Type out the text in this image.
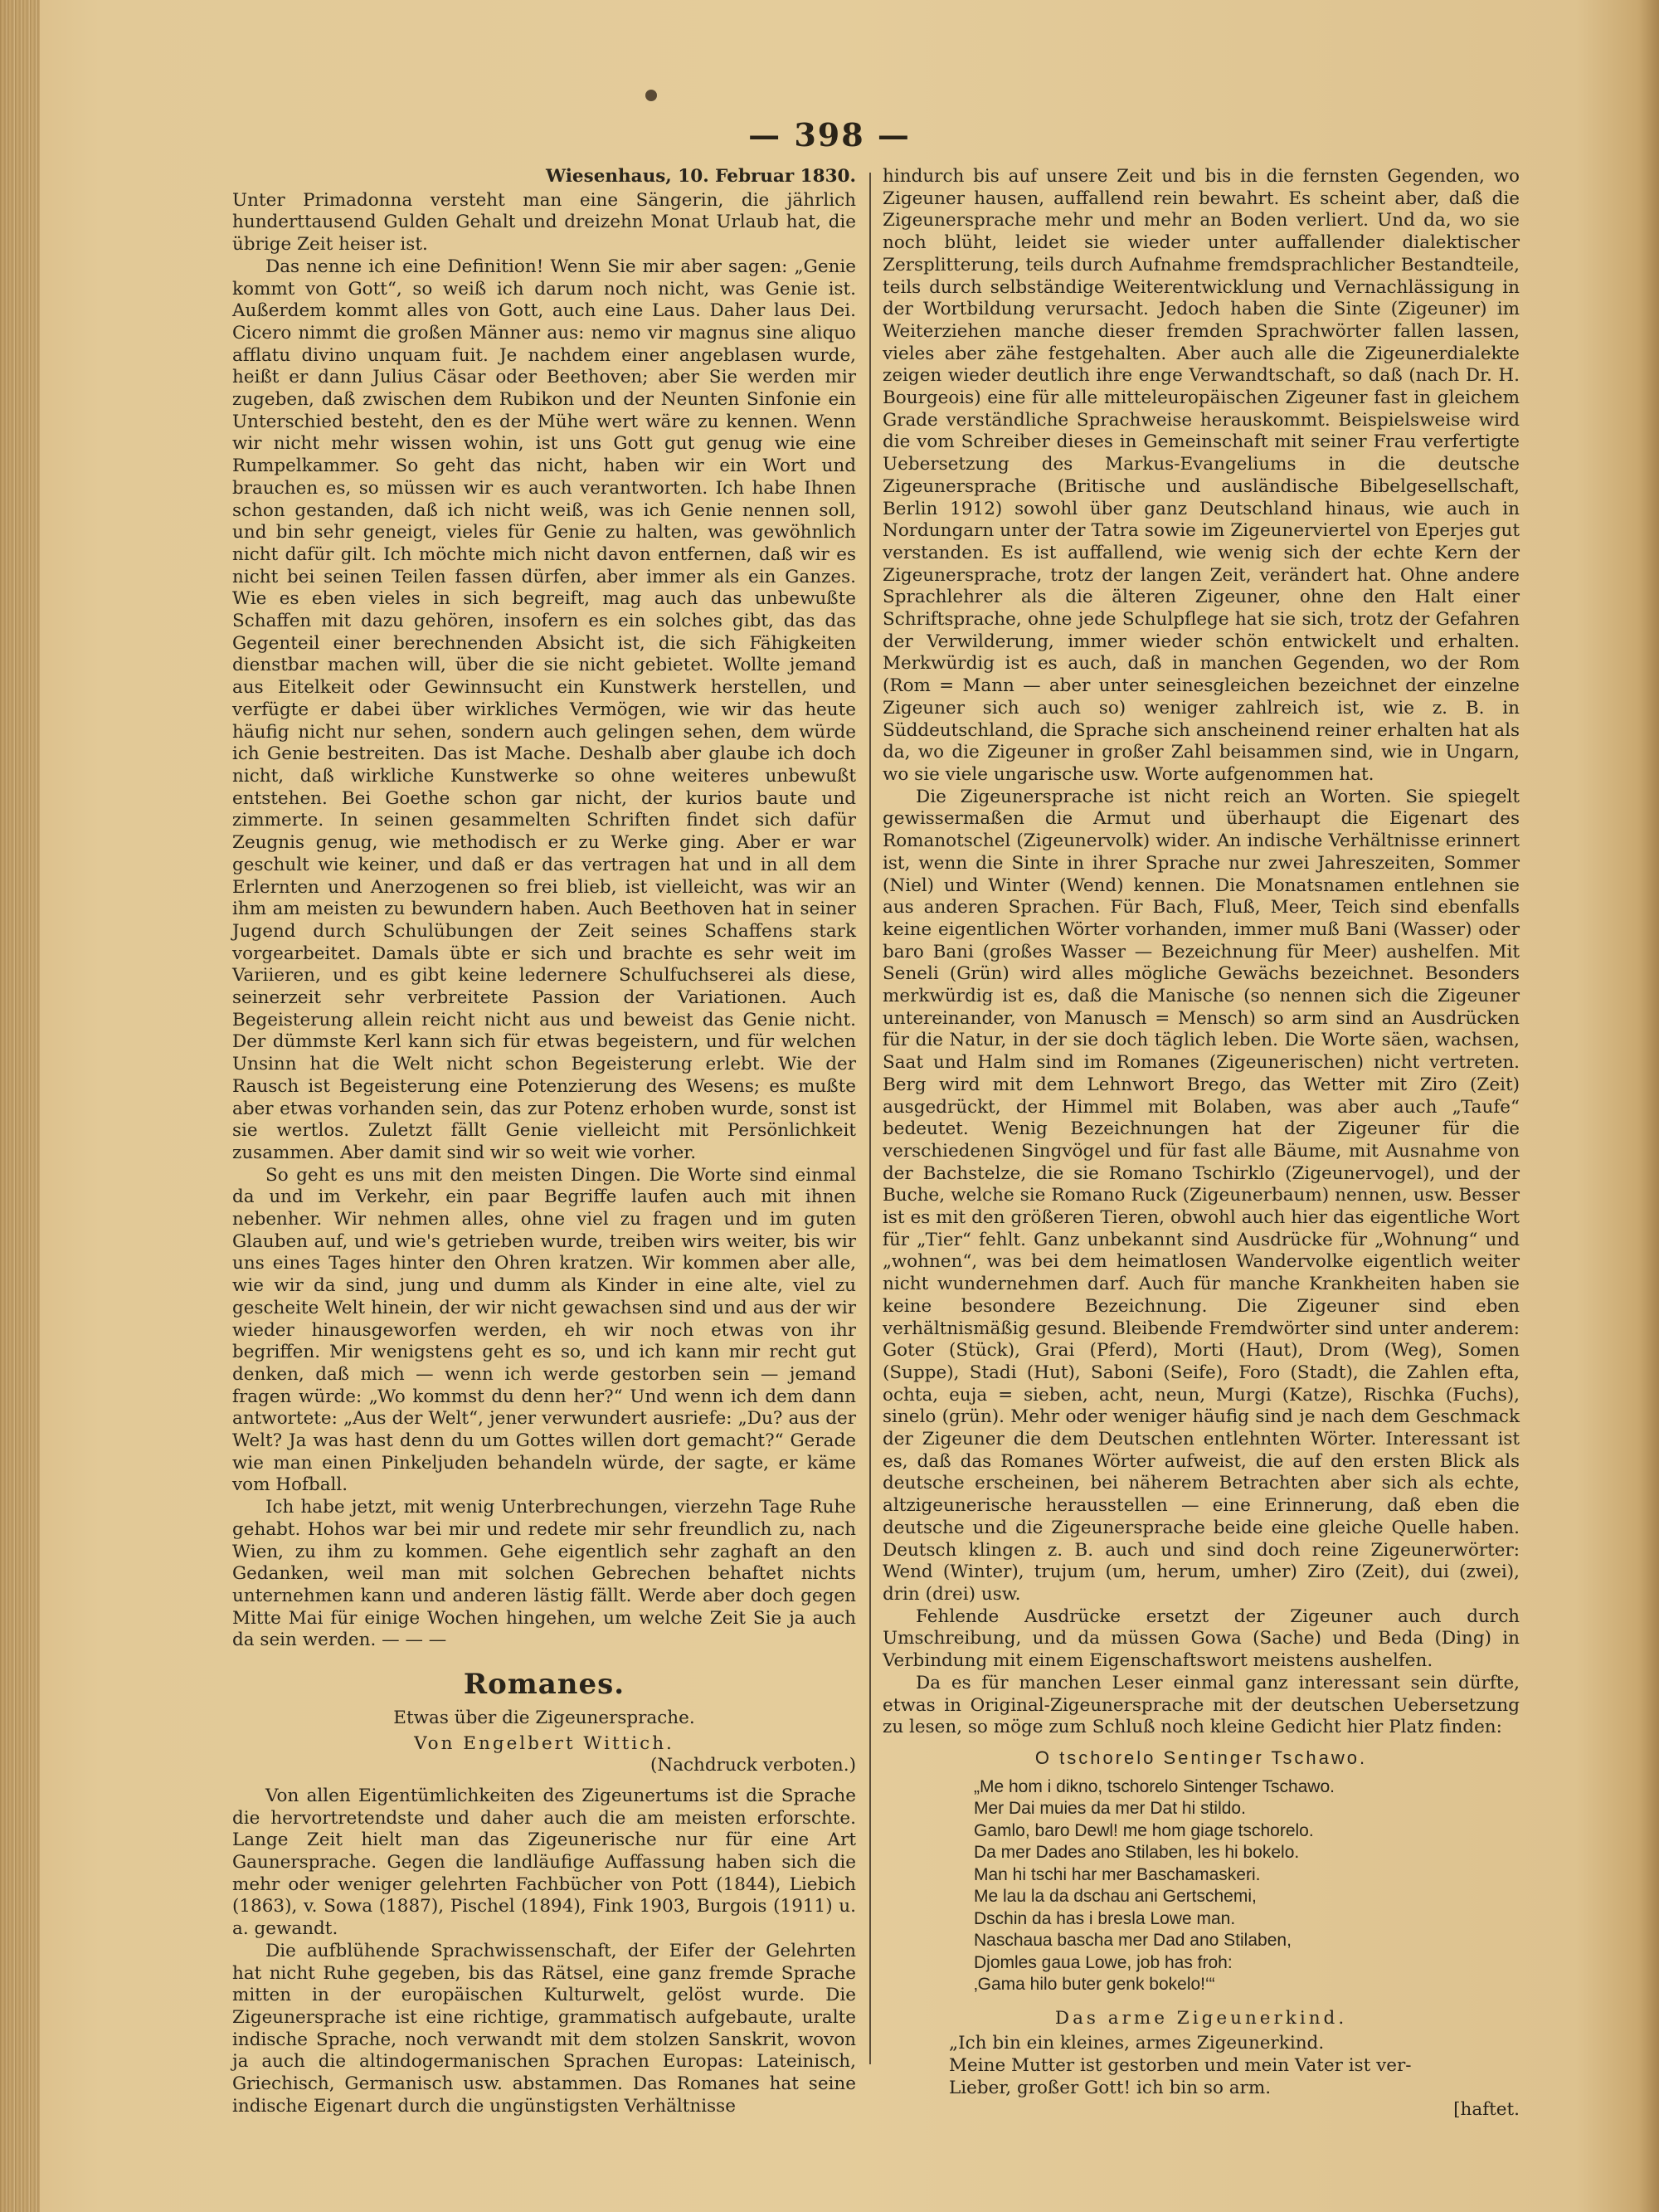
— 398 —
Wiesenhaus, 10. Februar 1830.

Unter Primadonna versteht man eine Sängerin, die jährlich hunderttausend Gulden Gehalt und dreizehn Monat Urlaub hat, die übrige Zeit heiser ist.

Das nenne ich eine Definition! Wenn Sie mir aber sagen: „Genie kommt von Gott“, so weiß ich darum noch nicht, was Genie ist. Außerdem kommt alles von Gott, auch eine Laus. Daher laus Dei. Cicero nimmt die großen Männer aus: nemo vir magnus sine aliquo afflatu divino unquam fuit. Je nachdem einer angeblasen wurde, heißt er dann Julius Cäsar oder Beethoven; aber Sie werden mir zugeben, daß zwischen dem Rubikon und der Neunten Sinfonie ein Unterschied besteht, den es der Mühe wert wäre zu kennen. Wenn wir nicht mehr wissen wohin, ist uns Gott gut genug wie eine Rumpelkammer. So geht das nicht, haben wir ein Wort und brauchen es, so müssen wir es auch verantworten. Ich habe Ihnen schon gestanden, daß ich nicht weiß, was ich Genie nennen soll, und bin sehr geneigt, vieles für Genie zu halten, was gewöhnlich nicht dafür gilt. Ich möchte mich nicht davon entfernen, daß wir es nicht bei seinen Teilen fassen dürfen, aber immer als ein Ganzes. Wie es eben vieles in sich begreift, mag auch das unbewußte Schaffen mit dazu gehören, insofern es ein solches gibt, das das Gegenteil einer berechnenden Absicht ist, die sich Fähigkeiten dienstbar machen will, über die sie nicht gebietet. Wollte jemand aus Eitelkeit oder Gewinnsucht ein Kunstwerk herstellen, und verfügte er dabei über wirkliches Vermögen, wie wir das heute häufig nicht nur sehen, sondern auch gelingen sehen, dem würde ich Genie bestreiten. Das ist Mache. Deshalb aber glaube ich doch nicht, daß wirkliche Kunstwerke so ohne weiteres unbewußt entstehen. Bei Goethe schon gar nicht, der kurios baute und zimmerte. In seinen gesammelten Schriften findet sich dafür Zeugnis genug, wie methodisch er zu Werke ging. Aber er war geschult wie keiner, und daß er das vertragen hat und in all dem Erlernten und Anerzogenen so frei blieb, ist vielleicht, was wir an ihm am meisten zu bewundern haben. Auch Beethoven hat in seiner Jugend durch Schulübungen der Zeit seines Schaffens stark vorgearbeitet. Damals übte er sich und brachte es sehr weit im Variieren, und es gibt keine ledernere Schulfuchserei als diese, seinerzeit sehr verbreitete Passion der Variationen. Auch Begeisterung allein reicht nicht aus und beweist das Genie nicht. Der dümmste Kerl kann sich für etwas begeistern, und für welchen Unsinn hat die Welt nicht schon Begeisterung erlebt. Wie der Rausch ist Begeisterung eine Potenzierung des Wesens; es mußte aber etwas vorhanden sein, das zur Potenz erhoben wurde, sonst ist sie wertlos. Zuletzt fällt Genie vielleicht mit Persönlichkeit zusammen. Aber damit sind wir so weit wie vorher.

So geht es uns mit den meisten Dingen. Die Worte sind einmal da und im Verkehr, ein paar Begriffe laufen auch mit ihnen nebenher. Wir nehmen alles, ohne viel zu fragen und im guten Glauben auf, und wie's getrieben wurde, treiben wirs weiter, bis wir uns eines Tages hinter den Ohren kratzen. Wir kommen aber alle, wie wir da sind, jung und dumm als Kinder in eine alte, viel zu gescheite Welt hinein, der wir nicht gewachsen sind und aus der wir wieder hinausgeworfen werden, eh wir noch etwas von ihr begriffen. Mir wenigstens geht es so, und ich kann mir recht gut denken, daß mich — wenn ich werde gestorben sein — jemand fragen würde: „Wo kommst du denn her?“ Und wenn ich dem dann antwortete: „Aus der Welt“, jener verwundert ausriefe: „Du? aus der Welt? Ja was hast denn du um Gottes willen dort gemacht?“ Gerade wie man einen Pinkeljuden behandeln würde, der sagte, er käme vom Hofball.

Ich habe jetzt, mit wenig Unterbrechungen, vierzehn Tage Ruhe gehabt. Hohos war bei mir und redete mir sehr freundlich zu, nach Wien, zu ihm zu kommen. Gehe eigentlich sehr zaghaft an den Gedanken, weil man mit solchen Gebrechen behaftet nichts unternehmen kann und anderen lästig fällt. Werde aber doch gegen Mitte Mai für einige Wochen hingehen, um welche Zeit Sie ja auch da sein werden. — — —

Romanes.
Etwas über die Zigeunersprache.
Von Engelbert Wittich.
(Nachdruck verboten.)

Von allen Eigentümlichkeiten des Zigeunertums ist die Sprache die hervortretendste und daher auch die am meisten erforschte. Lange Zeit hielt man das Zigeunerische nur für eine Art Gaunersprache. Gegen die landläufige Auffassung haben sich die mehr oder weniger gelehrten Fachbücher von Pott (1844), Liebich (1863), v. Sowa (1887), Pischel (1894), Fink 1903, Burgois (1911) u. a. gewandt.

Die aufblühende Sprachwissenschaft, der Eifer der Gelehrten hat nicht Ruhe gegeben, bis das Rätsel, eine ganz fremde Sprache mitten in der europäischen Kulturwelt, gelöst wurde. Die Zigeunersprache ist eine richtige, grammatisch aufgebaute, uralte indische Sprache, noch verwandt mit dem stolzen Sanskrit, wovon ja auch die altindogermanischen Sprachen Europas: Lateinisch, Griechisch, Germanisch usw. abstammen. Das Romanes hat seine indische Eigenart durch die ungünstigsten Verhältnisse

hindurch bis auf unsere Zeit und bis in die fernsten Gegenden, wo Zigeuner hausen, auffallend rein bewahrt. Es scheint aber, daß die Zigeunersprache mehr und mehr an Boden verliert. Und da, wo sie noch blüht, leidet sie wieder unter auffallender dialektischer Zersplitterung, teils durch Aufnahme fremdsprachlicher Bestandteile, teils durch selbständige Weiterentwicklung und Vernachlässigung in der Wortbildung verursacht. Jedoch haben die Sinte (Zigeuner) im Weiterziehen manche dieser fremden Sprachwörter fallen lassen, vieles aber zähe festgehalten. Aber auch alle die Zigeunerdialekte zeigen wieder deutlich ihre enge Verwandtschaft, so daß (nach Dr. H. Bourgeois) eine für alle mitteleuropäischen Zigeuner fast in gleichem Grade verständliche Sprachweise herauskommt. Beispielsweise wird die vom Schreiber dieses in Gemeinschaft mit seiner Frau verfertigte Uebersetzung des Markus-Evangeliums in die deutsche Zigeunersprache (Britische und ausländische Bibelgesellschaft, Berlin 1912) sowohl über ganz Deutschland hinaus, wie auch in Nordungarn unter der Tatra sowie im Zigeunerviertel von Eperjes gut verstanden. Es ist auffallend, wie wenig sich der echte Kern der Zigeunersprache, trotz der langen Zeit, verändert hat. Ohne andere Sprachlehrer als die älteren Zigeuner, ohne den Halt einer Schriftsprache, ohne jede Schulpflege hat sie sich, trotz der Gefahren der Verwilderung, immer wieder schön entwickelt und erhalten. Merkwürdig ist es auch, daß in manchen Gegenden, wo der Rom (Rom = Mann — aber unter seinesgleichen bezeichnet der einzelne Zigeuner sich auch so) weniger zahlreich ist, wie z. B. in Süddeutschland, die Sprache sich anscheinend reiner erhalten hat als da, wo die Zigeuner in großer Zahl beisammen sind, wie in Ungarn, wo sie viele ungarische usw. Worte aufgenommen hat.

Die Zigeunersprache ist nicht reich an Worten. Sie spiegelt gewissermaßen die Armut und überhaupt die Eigenart des Romanotschel (Zigeunervolk) wider. An indische Verhältnisse erinnert ist, wenn die Sinte in ihrer Sprache nur zwei Jahreszeiten, Sommer (Niel) und Winter (Wend) kennen. Die Monatsnamen entlehnen sie aus anderen Sprachen. Für Bach, Fluß, Meer, Teich sind ebenfalls keine eigentlichen Wörter vorhanden, immer muß Bani (Wasser) oder baro Bani (großes Wasser — Bezeichnung für Meer) aushelfen. Mit Seneli (Grün) wird alles mögliche Gewächs bezeichnet. Besonders merkwürdig ist es, daß die Manische (so nennen sich die Zigeuner untereinander, von Manusch = Mensch) so arm sind an Ausdrücken für die Natur, in der sie doch täglich leben. Die Worte säen, wachsen, Saat und Halm sind im Romanes (Zigeunerischen) nicht vertreten. Berg wird mit dem Lehnwort Brego, das Wetter mit Ziro (Zeit) ausgedrückt, der Himmel mit Bolaben, was aber auch „Taufe“ bedeutet. Wenig Bezeichnungen hat der Zigeuner für die verschiedenen Singvögel und für fast alle Bäume, mit Ausnahme von der Bachstelze, die sie Romano Tschirklo (Zigeunervogel), und der Buche, welche sie Romano Ruck (Zigeunerbaum) nennen, usw. Besser ist es mit den größeren Tieren, obwohl auch hier das eigentliche Wort für „Tier“ fehlt. Ganz unbekannt sind Ausdrücke für „Wohnung“ und „wohnen“, was bei dem heimatlosen Wandervolke eigentlich weiter nicht wundernehmen darf. Auch für manche Krankheiten haben sie keine besondere Bezeichnung. Die Zigeuner sind eben verhältnismäßig gesund. Bleibende Fremdwörter sind unter anderem: Goter (Stück), Grai (Pferd), Morti (Haut), Drom (Weg), Somen (Suppe), Stadi (Hut), Saboni (Seife), Foro (Stadt), die Zahlen efta, ochta, euja = sieben, acht, neun, Murgi (Katze), Rischka (Fuchs), sinelo (grün). Mehr oder weniger häufig sind je nach dem Geschmack der Zigeuner die dem Deutschen entlehnten Wörter. Interessant ist es, daß das Romanes Wörter aufweist, die auf den ersten Blick als deutsche erscheinen, bei näherem Betrachten aber sich als echte, altzigeunerische herausstellen — eine Erinnerung, daß eben die deutsche und die Zigeunersprache beide eine gleiche Quelle haben. Deutsch klingen z. B. auch und sind doch reine Zigeunerwörter: Wend (Winter), trujum (um, herum, umher) Ziro (Zeit), dui (zwei), drin (drei) usw.

Fehlende Ausdrücke ersetzt der Zigeuner auch durch Umschreibung, und da müssen Gowa (Sache) und Beda (Ding) in Verbindung mit einem Eigenschaftswort meistens aushelfen.

Da es für manchen Leser einmal ganz interessant sein dürfte, etwas in Original-Zigeunersprache mit der deutschen Uebersetzung zu lesen, so möge zum Schluß noch kleine Gedicht hier Platz finden:

O tschorelo Sentinger Tschawo.
„Me hom i dikno, tschorelo Sintenger Tschawo.
Mer Dai muies da mer Dat hi stildo.
Gamlo, baro Dewl! me hom giage tschorelo.
Da mer Dades ano Stilaben, les hi bokelo.
Man hi tschi har mer Baschamaskeri.
Me lau la da dschau ani Gertschemi,
Dschin da has i bresla Lowe man.
Naschaua bascha mer Dad ano Stilaben,
Djomles gaua Lowe, job has froh:
‚Gama hilo buter genk bokelo!‘“
Das arme Zigeunerkind.
„Ich bin ein kleines, armes Zigeunerkind.
Meine Mutter ist gestorben und mein Vater ist ver-
Lieber, großer Gott! ich bin so arm.
[haftet.
